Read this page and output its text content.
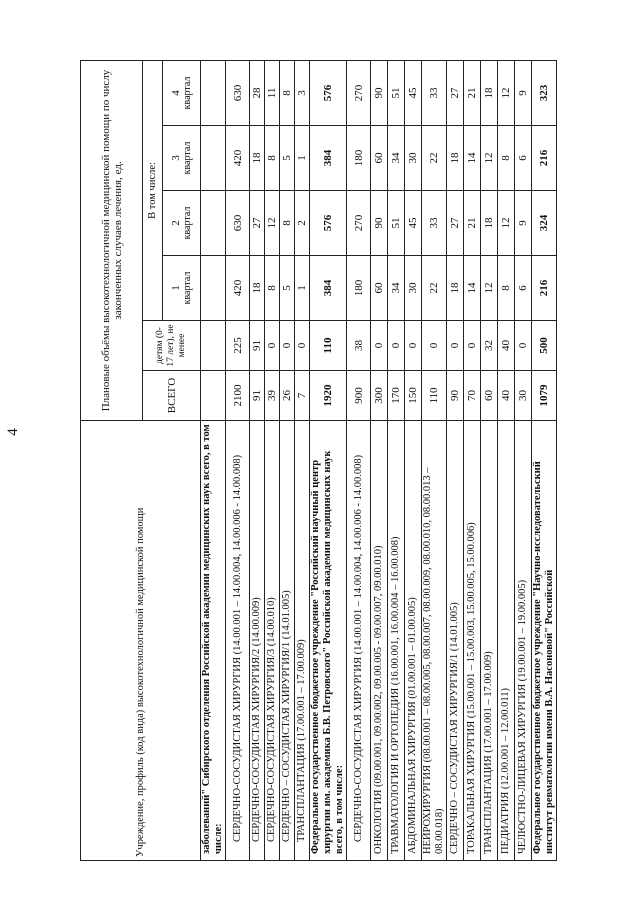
4
Учреждение, профиль (код вида) высокотехнологичной медицинской помощи	Плановые объёмы высокотехнологичной медицинской помощи по числу законченных случаев лечения, ед.					
	ВСЕГО	детям (0-17 лет), не менее	В том числе:			

			1 квартал	2 квартал	3 квартал	4 квартал
заболеваний" Сибирского отделения Российской академии медицинских наук всего, в том числе:						
СЕРДЕЧНО-СОСУДИСТАЯ ХИРУРГИЯ (14.00.001 – 14.00.004, 14.00.006 - 14.00.008)	2100	225	420	630	420	630
СЕРДЕЧНО-СОСУДИСТАЯ ХИРУРГИЯ/2 (14.00.009)	91	91	18	27	18	28
СЕРДЕЧНО-СОСУДИСТАЯ ХИРУРГИЯ/3 (14.00.010)	39	0	8	12	8	11
СЕРДЕЧНО – СОСУДИСТАЯ ХИРУРГИЯ/1 (14.01.005)	26	0	5	8	5	8
ТРАНСПЛАНТАЦИЯ (17.00.001 – 17.00.009)	7	0	1	2	1	3
Федеральное государственное бюджетное учреждение "Российский научный центр хирургии им. академика Б.В. Петровского" Российской академии медицинских наук всего, в том числе:	1920	110	384	576	384	576
СЕРДЕЧНО-СОСУДИСТАЯ ХИРУРГИЯ (14.00.001 – 14.00.004, 14.00.006 - 14.00.008)	900	38	180	270	180	270
ОНКОЛОГИЯ (09.00.001, 09.00.002, 09.00.005 - 09.00.007, 09.00.010)	300	0	60	90	60	90
ТРАВМАТОЛОГИЯ И ОРТОПЕДИЯ (16.00.001, 16.00.004 – 16.00.008)	170	0	34	51	34	51
АБДОМИНАЛЬНАЯ ХИРУРГИЯ (01.00.001 – 01.00.005)	150	0	30	45	30	45
НЕЙРОХИРУРГИЯ (08.00.001 – 08.00.005, 08.00.007, 08.00.009, 08.00.010, 08.00.013 – 08.00.018)	110	0	22	33	22	33
СЕРДЕЧНО – СОСУДИСТАЯ ХИРУРГИЯ/1 (14.01.005)	90	0	18	27	18	27
ТОРАКАЛЬНАЯ ХИРУРГИЯ (15.00.001 – 15.00.003, 15.00.005, 15.00.006)	70	0	14	21	14	21
ТРАНСПЛАНТАЦИЯ (17.00.001 – 17.00.009)	60	32	12	18	12	18
ПЕДИАТРИЯ (12.00.001 – 12.00.011)	40	40	8	12	8	12
ЧЕЛЮСТНО-ЛИЦЕВАЯ ХИРУРГИЯ (19.00.001 – 19.00.005)	30	0	6	9	6	9
Федеральное государственное бюджетное учреждение "Научно-исследовательский институт ревматологии имени В.А. Насоновой" Российской	1079	500	216	324	216	323
